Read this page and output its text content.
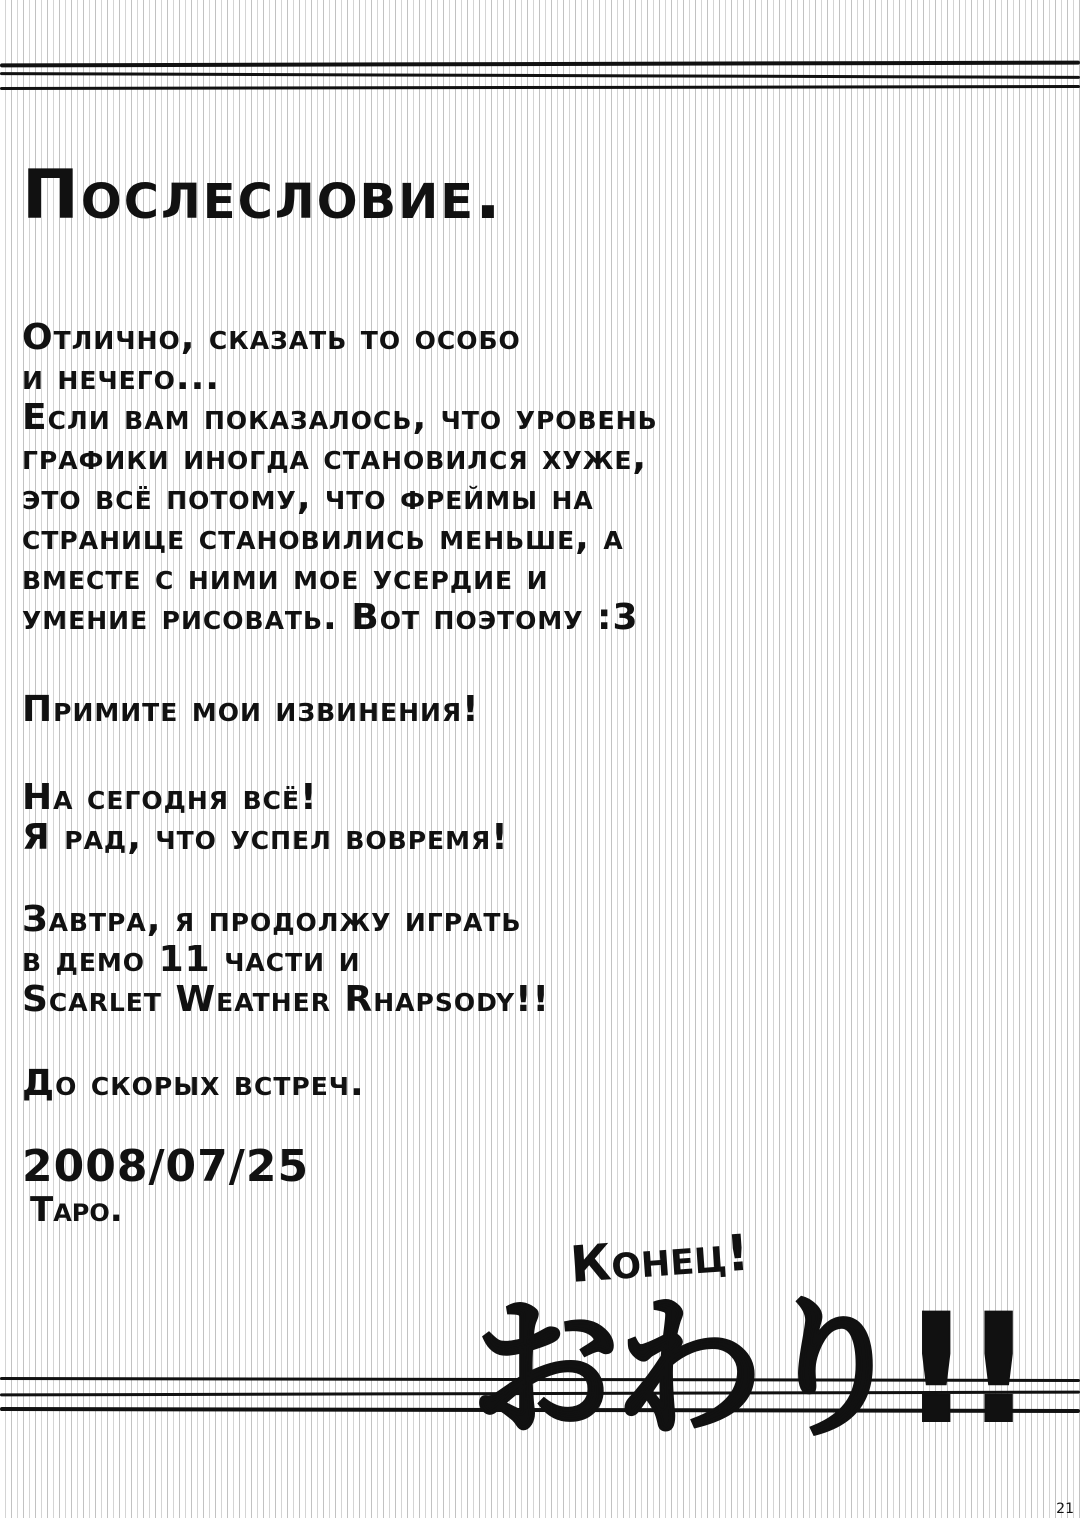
Послесловие.
Отлично, сказать то особо
и нечего...
Если вам показалось, что уровень
графики иногда становился хуже,
это всё потому, что фреймы на
странице становились меньше, а
вместе с ними мое усердие и
умение рисовать. Вот поэтому :3
Примите мои извинения!
На сегодня всё!
Я рад, что успел вовремя!
Завтра, я продолжу играть
в демо 11 части и
Scarlet Weather Rhapsody!!
До скорых встреч.
2008/07/25
Таро.
Конец!
おわり!!
21
